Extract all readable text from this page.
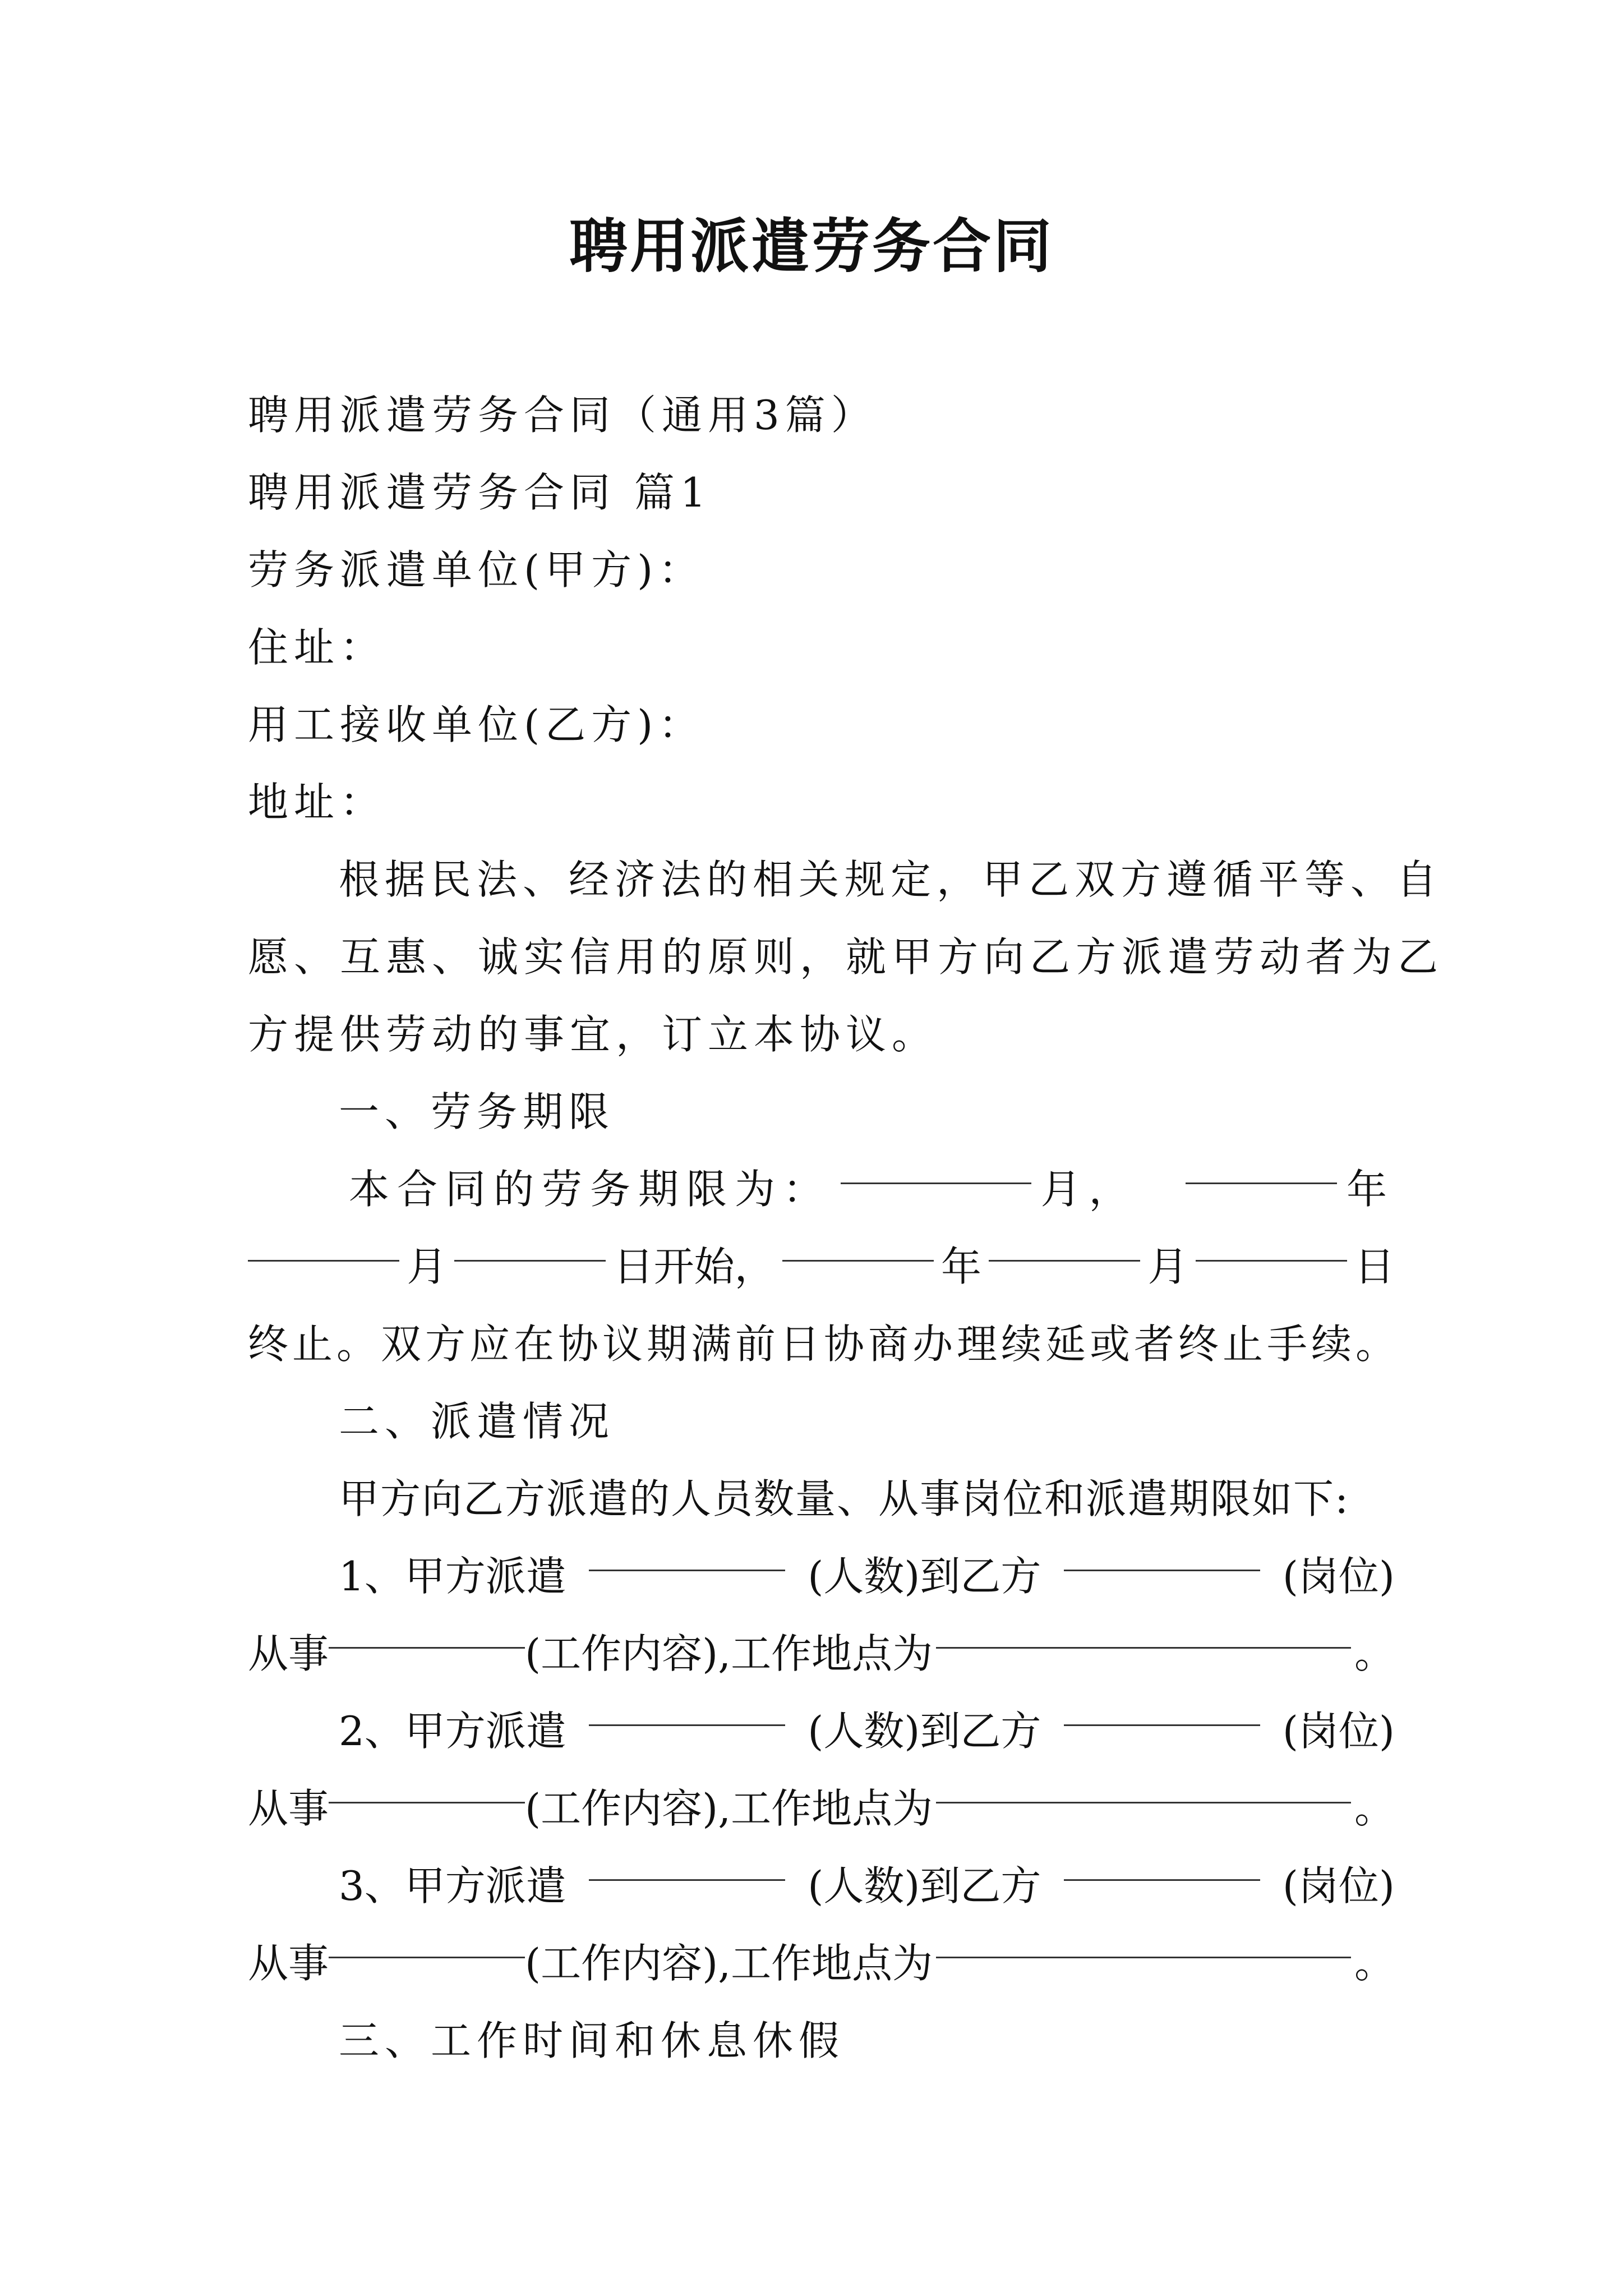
聘用派遣劳务合同
聘用派遣劳务合同（通用3篇）
聘用派遣劳务合同 篇1
劳务派遣单位(甲方)：
住址：
用工接收单位(乙方)：
地址：
根据民法、经济法的相关规定，甲乙双方遵循平等、自
愿、互惠、诚实信用的原则，就甲方向乙方派遣劳动者为乙
方提供劳动的事宜，订立本协议。
一、劳务期限
本合同的劳务期限为：	月，	年
月	日开始，	年	月	日
终止。双方应在协议期满前日协商办理续延或者终止手续。
二、派遣情况
甲方向乙方派遣的人员数量、从事岗位和派遣期限如下:
1、甲方派遣	(人数)到乙方	(岗位)
从事	(工作内容),工作地点为	。
2、甲方派遣	(人数)到乙方	(岗位)
从事	(工作内容),工作地点为	。
3、甲方派遣	(人数)到乙方	(岗位)
从事	(工作内容),工作地点为	。
三、工作时间和休息休假
